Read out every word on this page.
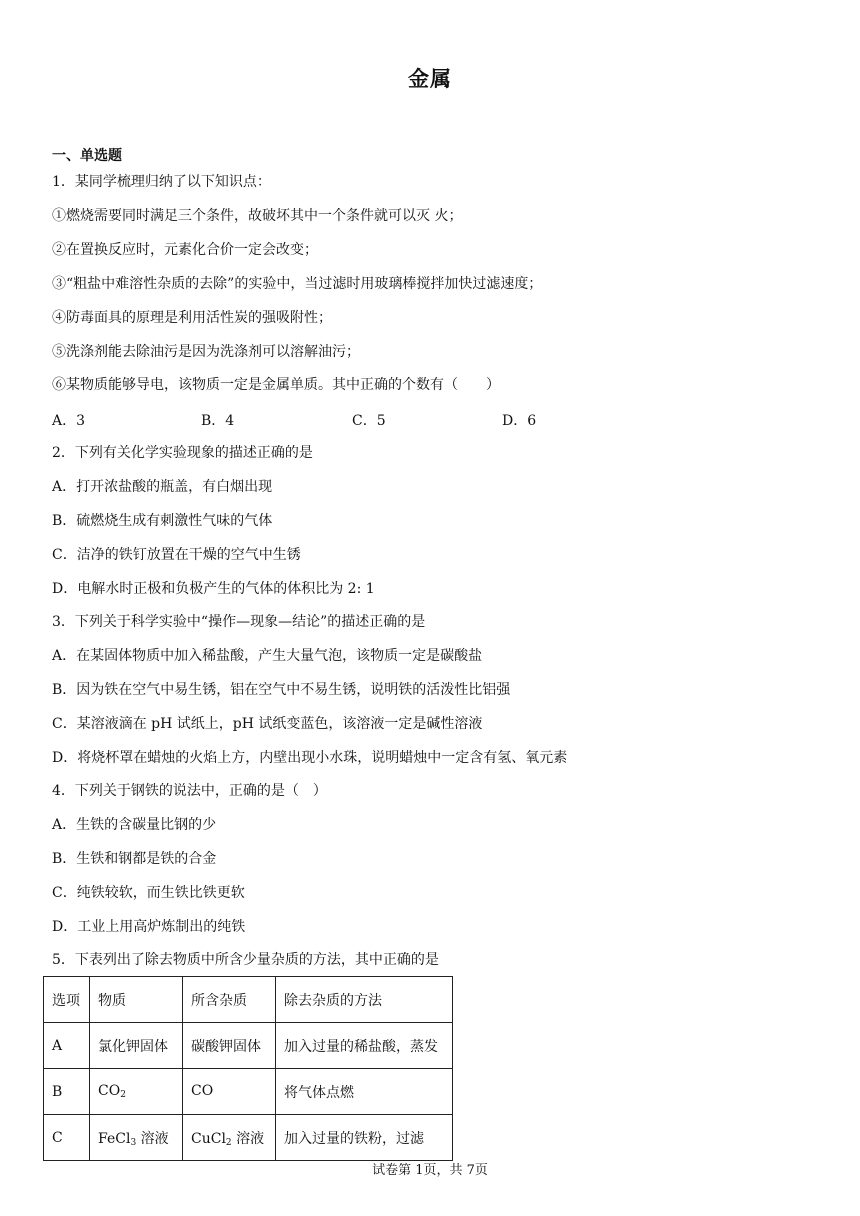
金属
一、单选题
1．某同学梳理归纳了以下知识点：
①燃烧需要同时满足三个条件，故破坏其中一个条件就可以灭 火；
②在置换反应时，元素化合价一定会改变；
③“粗盐中难溶性杂质的去除”的实验中，当过滤时用玻璃棒搅拌加快过滤速度；
④防毒面具的原理是利用活性炭的强吸附性；
⑤洗涤剂能去除油污是因为洗涤剂可以溶解油污；
⑥某物质能够导电，该物质一定是金属单质。其中正确的个数有（　　）
A．3	B．4	C．5	D．6
2．下列有关化学实验现象的描述正确的是
A．打开浓盐酸的瓶盖，有白烟出现
B．硫燃烧生成有刺激性气味的气体
C．洁净的铁钉放置在干燥的空气中生锈
D．电解水时正极和负极产生的气体的体积比为 2: 1
3．下列关于科学实验中“操作—现象—结论”的描述正确的是
A．在某固体物质中加入稀盐酸，产生大量气泡，该物质一定是碳酸盐
B．因为铁在空气中易生锈，铝在空气中不易生锈，说明铁的活泼性比铝强
C．某溶液滴在 pH 试纸上，pH 试纸变蓝色，该溶液一定是碱性溶液
D．将烧杯罩在蜡烛的火焰上方，内壁出现小水珠，说明蜡烛中一定含有氢、氧元素
4．下列关于钢铁的说法中，正确的是（　）
A．生铁的含碳量比钢的少
B．生铁和钢都是铁的合金
C．纯铁较软，而生铁比铁更软
D．工业上用高炉炼制出的纯铁
5．下表列出了除去物质中所含少量杂质的方法，其中正确的是
选项	物质	所含杂质	除去杂质的方法
A	氯化钾固体	碳酸钾固体	加入过量的稀盐酸，蒸发
B	$CO_2$	CO	将气体点燃
C	FeCl$_3$ 溶液	CuCl$_2$ 溶液	加入过量的铁粉，过滤
试卷第 1页，共 7页
